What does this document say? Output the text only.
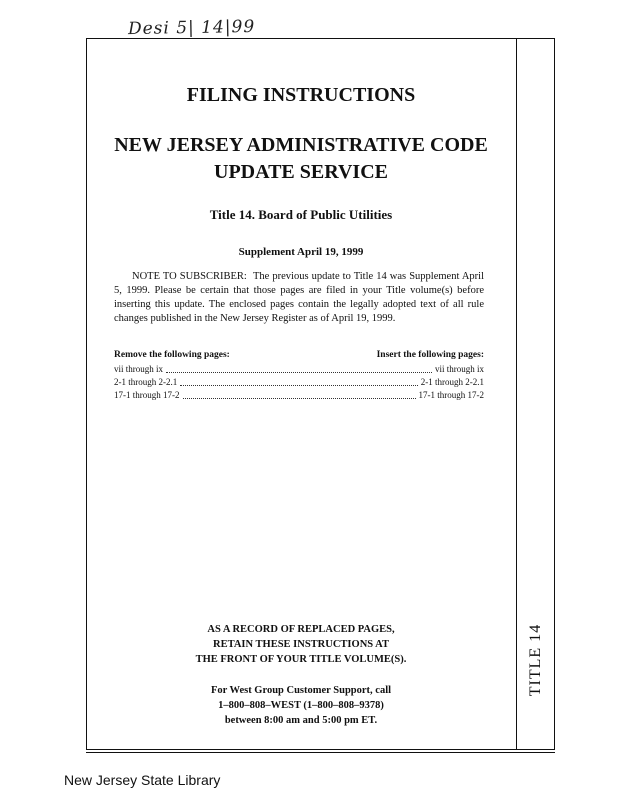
Desi 5| 14|99
TITLE 14
FILING INSTRUCTIONS
NEW JERSEY ADMINISTRATIVE CODE
UPDATE SERVICE
Title 14. Board of Public Utilities
Supplement April 19, 1999
NOTE TO SUBSCRIBER: The previous update to Title 14 was Supplement April 5, 1999. Please be certain that those pages are filed in your Title volume(s) before inserting this update. The enclosed pages contain the legally adopted text of all rule changes published in the New Jersey Register as of April 19, 1999.
Remove the following pages:	Insert the following pages:
vii through ix	vii through ix
2-1 through 2-2.1	2-1 through 2-2.1
17-1 through 17-2	17-1 through 17-2
AS A RECORD OF REPLACED PAGES,
RETAIN THESE INSTRUCTIONS AT
THE FRONT OF YOUR TITLE VOLUME(S).
For West Group Customer Support, call
1–800–808–WEST (1–800–808–9378)
between 8:00 am and 5:00 pm ET.
New Jersey State Library
